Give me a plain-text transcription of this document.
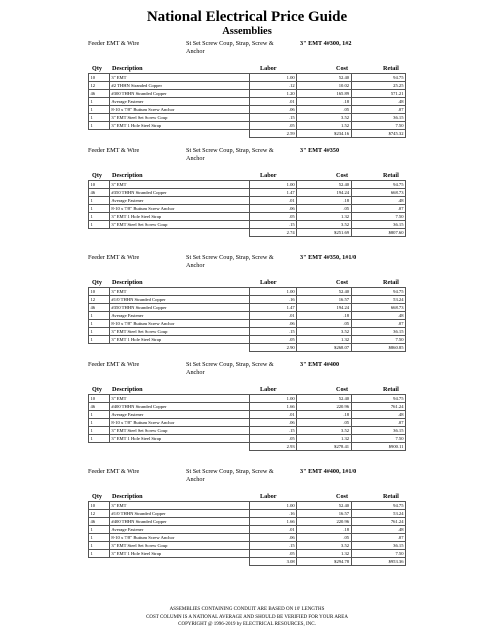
National Electrical Price Guide
Assemblies
Feeder EMT & Wire	St Set Screw Coup, Strap, Screw & Anchor
3" EMT 4#300, 1#2
Qty Description	Labor	Cost	Retail
10	3" EMT	1.00	52.40	94.75
12	#2 THHN Stranded Copper	.12	10.02	25.25
46	#300 THHN Stranded Copper	1.20	165.89	571.21
1	Average Fastener	.01	.18	.48
1	8-10 x 7/8" Buttum Screw Anchor	.06	.05	.07
1	3" EMT Steel Set Screw Coup	.15	3.52	36.15
1	3" EMT 1 Hole Steel Strap	.05	1.52	7.50
		2.59	$234.16	$745.32
Feeder EMT & Wire	St Set Screw Coup, Strap, Screw & Anchor
3" EMT 4#350
Qty Description	Labor	Cost	Retail
10	3" EMT	1.00	52.40	94.75
46	#350 THHN Stranded Copper	1.47	194.24	668.73
1	Average Fastener	.01	.18	.48
1	8-10 x 7/8" Buttum Screw Anchor	.06	.05	.07
1	3" EMT 1 Hole Steel Strap	.05	1.32	7.50
1	3" EMT Steel Set Screw Coup	.15	3.52	36.15
		2.74	$251.69	$807.60
Feeder EMT & Wire	St Set Screw Coup, Strap, Screw & Anchor
3" EMT 4#350, 1#1/0
Qty Description	Labor	Cost	Retail
10	3" EMT	1.00	52.40	94.75
12	#1/0 THHN Stranded Copper	.16	16.57	53.24
46	#350 THHN Stranded Copper	1.47	194.24	668.73
1	Average Fastener	.01	.18	.48
1	8-10 x 7/8" Buttum Screw Anchor	.06	.05	.07
1	3" EMT Steel Set Screw Coup	.15	3.52	36.15
1	3" EMT 1 Hole Steel Strap	.05	1.32	7.50
		2.90	$268.07	$860.85
Feeder EMT & Wire	St Set Screw Coup, Strap, Screw & Anchor
3" EMT 4#400
Qty Description	Labor	Cost	Retail
10	3" EMT	1.00	52.40	94.75
46	#400 THHN Stranded Copper	1.66	220.96	761.24
1	Average Fastener	.01	.18	.48
1	8-10 x 7/8" Buttum Screw Anchor	.06	.05	.07
1	3" EMT Steel Set Screw Coup	.15	3.52	36.15
1	3" EMT 1 Hole Steel Strap	.05	1.32	7.50
		2.93	$278.41	$900.11
Feeder EMT & Wire	St Set Screw Coup, Strap, Screw & Anchor
3" EMT 4#400, 1#1/0
Qty Description	Labor	Cost	Retail
10	3" EMT	1.00	52.40	94.75
12	#1/0 THHN Stranded Copper	.16	16.57	53.24
46	#400 THHN Stranded Copper	1.66	220.96	761.24
1	Average Fastener	.01	.18	.48
1	8-10 x 7/8" Buttum Screw Anchor	.06	.05	.07
1	3" EMT Steel Set Screw Coup	.15	3.52	36.15
1	3" EMT 1 Hole Steel Strap	.05	1.32	7.50
		3.08	$294.78	$953.36
ASSEMBLIES CONTAINING CONDUIT ARE BASED ON 10' LENGTHS
COST COLUMN IS A NATIONAL AVERAGE AND SHOULD BE VERIFIED FOR YOUR AREA
COPYRIGHT @ 1996-2019 by ELECTRICAL RESOURCES, INC.
